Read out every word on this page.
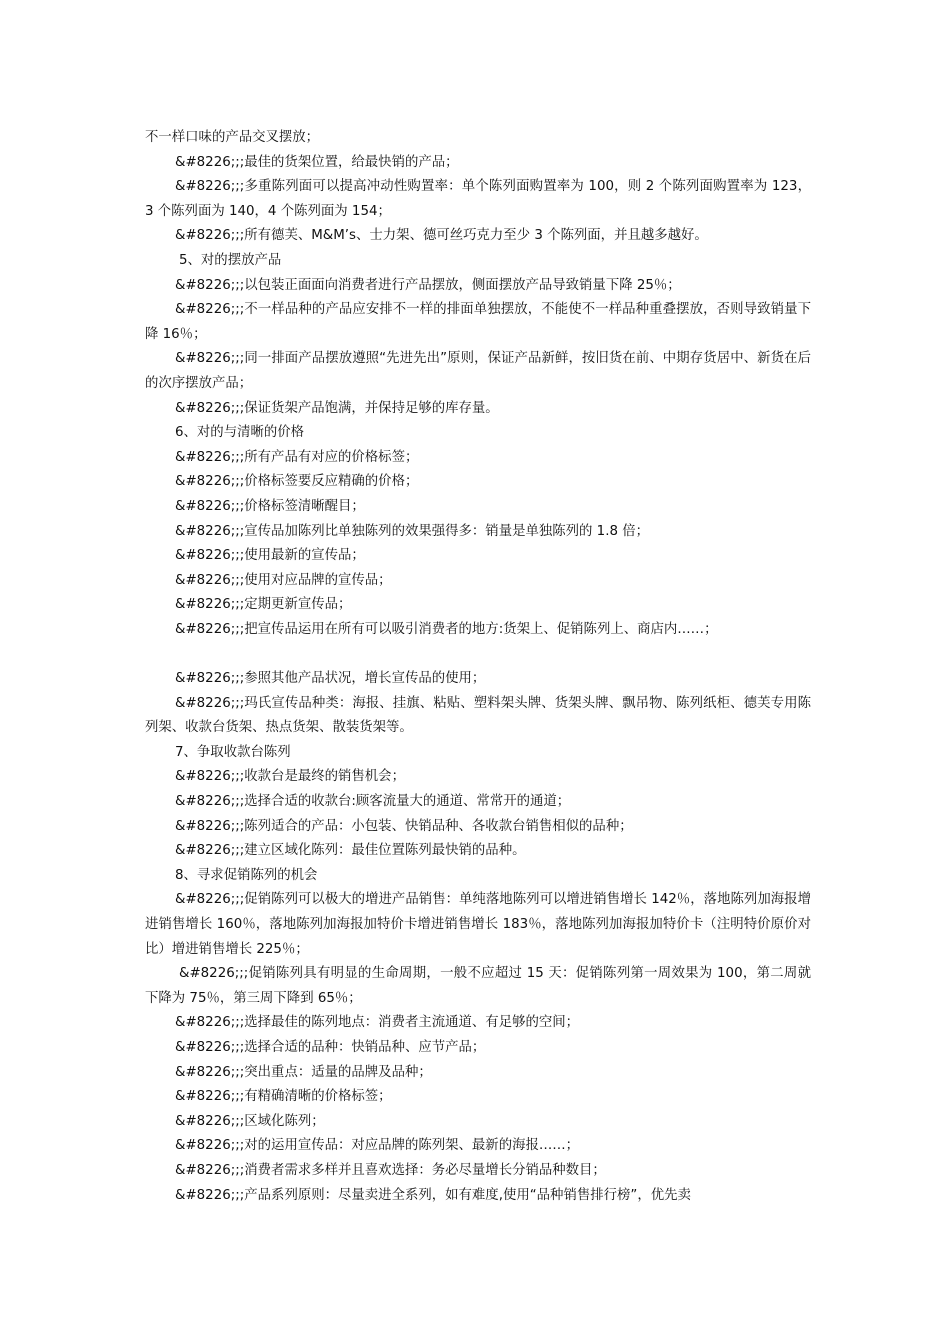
不一样口味的产品交叉摆放；

&#8226;;;最佳的货架位置，给最快销的产品；

&#8226;;;多重陈列面可以提高冲动性购置率：单个陈列面购置率为 100，则 2 个陈列面购置率为 123，3 个陈列面为 140，4 个陈列面为 154；

&#8226;;;所有德芙、M&M’s、士力架、德可丝巧克力至少 3 个陈列面，并且越多越好。

5、对的摆放产品

&#8226;;;以包装正面面向消费者进行产品摆放，侧面摆放产品导致销量下降 25％；

&#8226;;;不一样品种的产品应安排不一样的排面单独摆放，不能使不一样品种重叠摆放，否则导致销量下降 16％；

&#8226;;;同一排面产品摆放遵照“先进先出”原则，保证产品新鲜，按旧货在前、中期存货居中、新货在后的次序摆放产品；

&#8226;;;保证货架产品饱满，并保持足够的库存量。

6、对的与清晰的价格

&#8226;;;所有产品有对应的价格标签；

&#8226;;;价格标签要反应精确的价格；

&#8226;;;价格标签清晰醒目；

&#8226;;;宣传品加陈列比单独陈列的效果强得多：销量是单独陈列的 1.8 倍；

&#8226;;;使用最新的宣传品；

&#8226;;;使用对应品牌的宣传品；

&#8226;;;定期更新宣传品；

&#8226;;;把宣传品运用在所有可以吸引消费者的地方:货架上、促销陈列上、商店内……；

&#8226;;;参照其他产品状况，增长宣传品的使用；

&#8226;;;玛氏宣传品种类：海报、挂旗、粘贴、塑料架头牌、货架头牌、飘吊物、陈列纸柜、德芙专用陈列架、收款台货架、热点货架、散装货架等。

7、争取收款台陈列

&#8226;;;收款台是最终的销售机会；

&#8226;;;选择合适的收款台:顾客流量大的通道、常常开的通道；

&#8226;;;陈列适合的产品：小包装、快销品种、各收款台销售相似的品种；

&#8226;;;建立区域化陈列：最佳位置陈列最快销的品种。

8、寻求促销陈列的机会

&#8226;;;促销陈列可以极大的增进产品销售：单纯落地陈列可以增进销售增长 142％，落地陈列加海报增进销售增长 160％，落地陈列加海报加特价卡增进销售增长 183％，落地陈列加海报加特价卡（注明特价原价对比）增进销售增长 225％；

&#8226;;;促销陈列具有明显的生命周期，一般不应超过 15 天：促销陈列第一周效果为 100，第二周就下降为 75％，第三周下降到 65％；

&#8226;;;选择最佳的陈列地点：消费者主流通道、有足够的空间；

&#8226;;;选择合适的品种：快销品种、应节产品；

&#8226;;;突出重点：适量的品牌及品种；

&#8226;;;有精确清晰的价格标签；

&#8226;;;区域化陈列；

&#8226;;;对的运用宣传品：对应品牌的陈列架、最新的海报……；

&#8226;;;消费者需求多样并且喜欢选择：务必尽量增长分销品种数目；

&#8226;;;产品系列原则：尽量卖进全系列，如有难度,使用“品种销售排行榜”，优先卖
